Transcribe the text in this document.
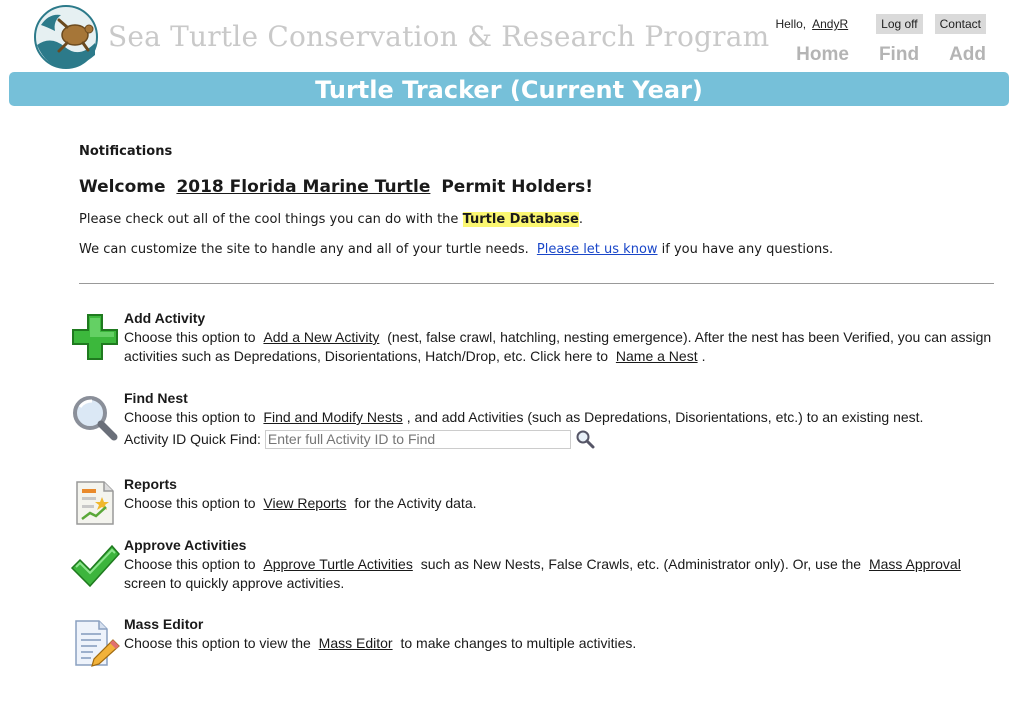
Sea Turtle Conservation & Research Program Hello, AndyR	Log off	Contact
Home Find Add
Turtle Tracker (Current Year)

Notifications

Welcome 2018 Florida Marine Turtle Permit Holders!

Please check out all of the cool things you can do with the Turtle Database.

We can customize the site to handle any and all of your turtle needs. Please let us know if you have any questions.

Add Activity
Choose this option to Add a New Activity (nest, false crawl, hatchling, nesting emergence). After the nest has been Verified, you can assign activities such as Depredations, Disorientations, Hatch/Drop, etc. Click here to Name a Nest .
Find Nest
Choose this option to Find and Modify Nests , and add Activities (such as Depredations, Disorientations, etc.) to an existing nest.
Activity ID Quick Find:
Enter full Activity ID to Find
Reports
Choose this option to View Reports for the Activity data.
Approve Activities
Choose this option to Approve Turtle Activities such as New Nests, False Crawls, etc. (Administrator only). Or, use the Mass Approval screen to quickly approve activities.
Mass Editor
Choose this option to view the Mass Editor to make changes to multiple activities.
